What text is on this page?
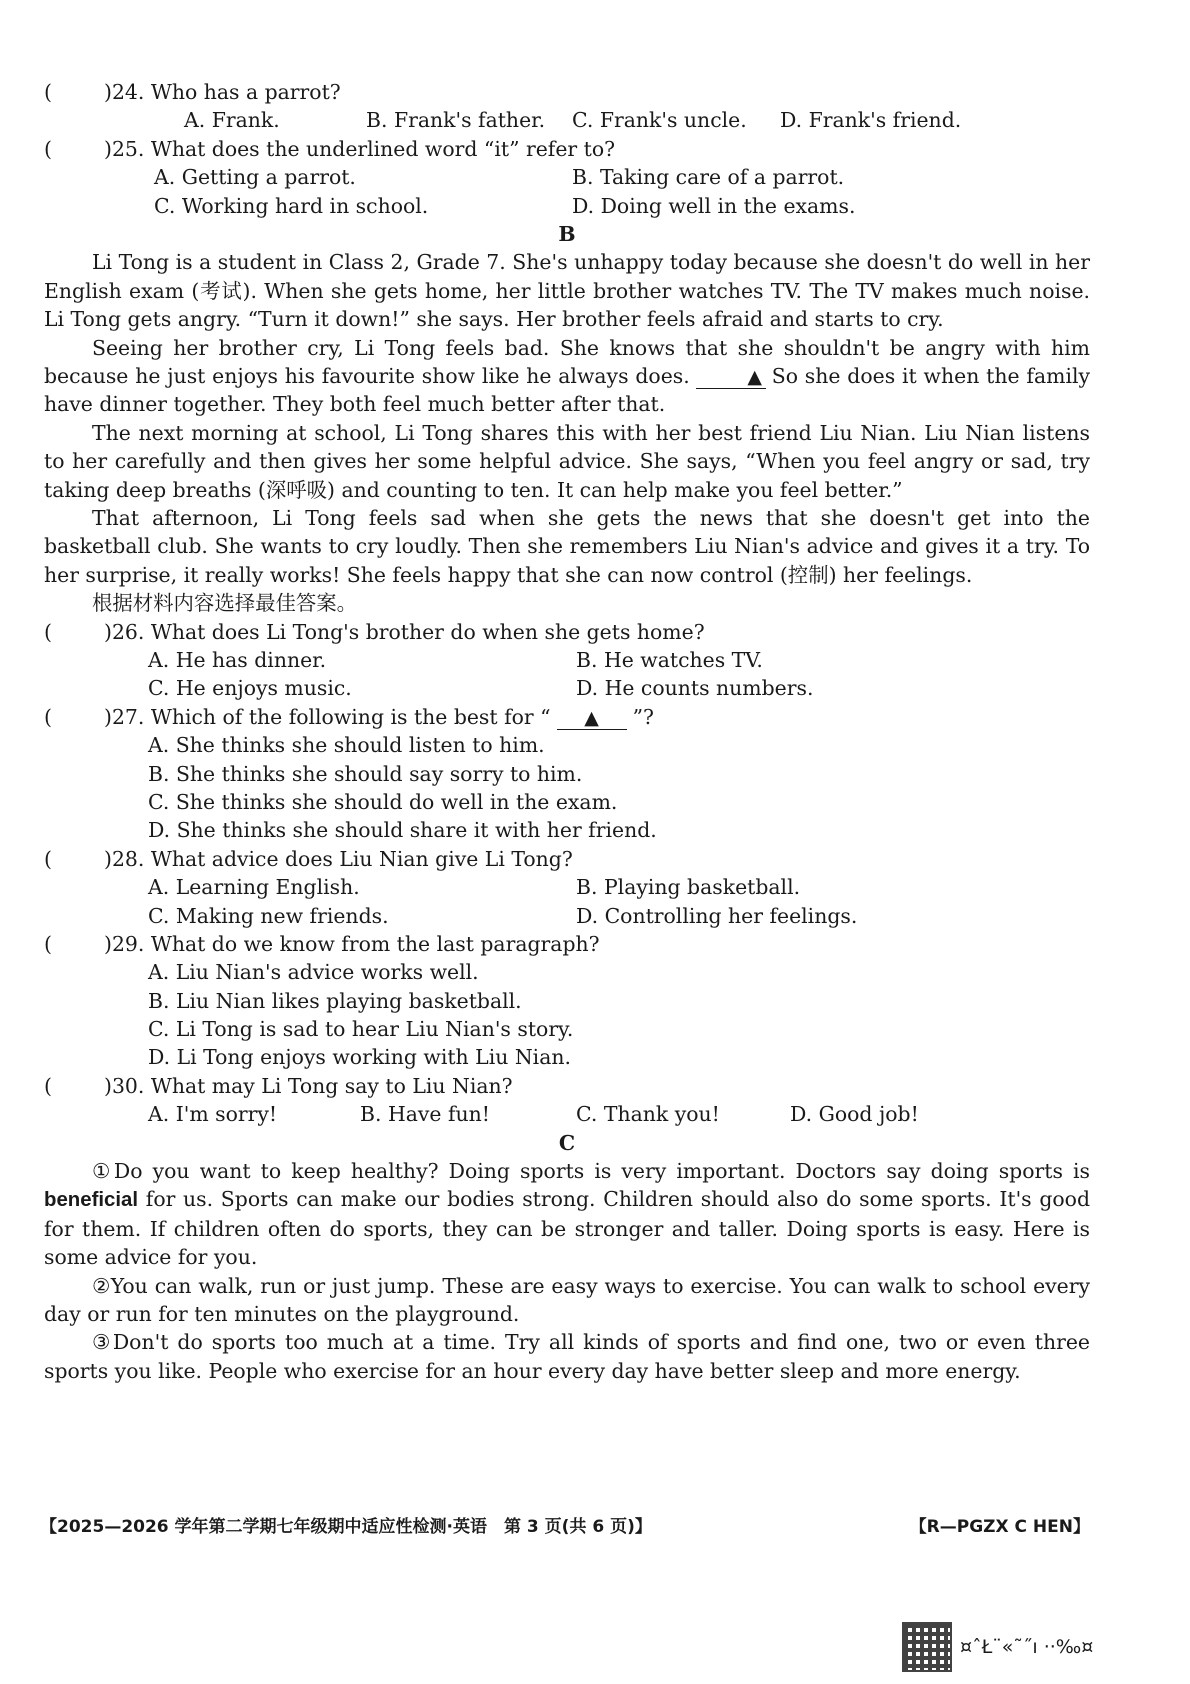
(	)24. Who has a parrot?
A. Frank.	B. Frank's father. C. Frank's uncle. D. Frank's friend.
(	)25. What does the underlined word “it” refer to?
A. Getting a parrot.	B. Taking care of a parrot.
C. Working hard in school.	D. Doing well in the exams.
B
Li Tong is a student in Class 2, Grade 7. She's unhappy today because she doesn't do well in her English exam (考试). When she gets home, her little brother watches TV. The TV makes much noise. Li Tong gets angry. “Turn it down!” she says. Her brother feels afraid and starts to cry.
Seeing her brother cry, Li Tong feels bad. She knows that she shouldn't be angry with him because he just enjoys his favourite show like he always does.	▲ So she does it when the family have dinner together. They both feel much better after that.
The next morning at school, Li Tong shares this with her best friend Liu Nian. Liu Nian listens to her carefully and then gives her some helpful advice. She says, “When you feel angry or sad, try taking deep breaths (深呼吸) and counting to ten. It can help make you feel better.”
That afternoon, Li Tong feels sad when she gets the news that she doesn't get into the basketball club. She wants to cry loudly. Then she remembers Liu Nian's advice and gives it a try. To her surprise, it really works! She feels happy that she can now control (控制) her feelings.
根据材料内容选择最佳答案。
(	)26. What does Li Tong's brother do when she gets home?
A. He has dinner.	B. He watches TV.
C. He enjoys music.	D. He counts numbers.
(	)27. Which of the following is the best for “ ▲ ”?
A. She thinks she should listen to him.
B. She thinks she should say sorry to him.
C. She thinks she should do well in the exam.
D. She thinks she should share it with her friend.
(	)28. What advice does Liu Nian give Li Tong?
A. Learning English.	B. Playing basketball.
C. Making new friends.	D. Controlling her feelings.
(	)29. What do we know from the last paragraph?
A. Liu Nian's advice works well.
B. Liu Nian likes playing basketball.
C. Li Tong is sad to hear Liu Nian's story.
D. Li Tong enjoys working with Liu Nian.
(	)30. What may Li Tong say to Liu Nian?
A. I'm sorry!	B. Have fun!	C. Thank you!	D. Good job!
C
①Do you want to keep healthy? Doing sports is very important. Doctors say doing sports is beneficial for us. Sports can make our bodies strong. Children should also do some sports. It's good for them. If children often do sports, they can be stronger and taller. Doing sports is easy. Here is some advice for you.
②You can walk, run or just jump. These are easy ways to exercise. You can walk to school every day or run for ten minutes on the playground.
③Don't do sports too much at a time. Try all kinds of sports and find one, two or even three sports you like. People who exercise for an hour every day have better sleep and more energy.
【2025—2026 学年第二学期七年级期中适应性检测·英语　第 3 页(共 6 页)】	【R—PGZX C HEN】
¤ˆŁ¨«˜˝ı ··‰¤
